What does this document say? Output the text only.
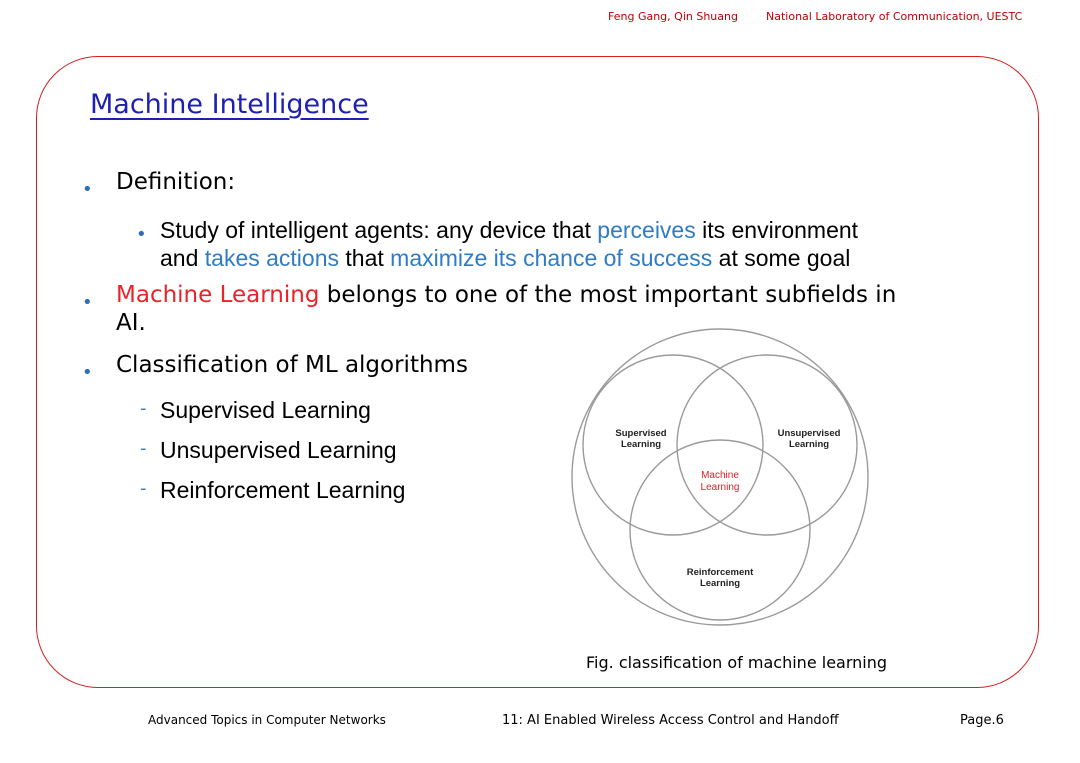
Feng Gang, Qin Shuang	National Laboratory of Communication, UESTC
Machine Intelligence
• Definition:
• Study of intelligent agents: any device that perceives its environment
and takes actions that maximize its chance of success at some goal
• Machine Learning belongs to one of the most important subfields in
AI.
• Classification of ML algorithms
- Supervised Learning
- Unsupervised Learning
- Reinforcement Learning
Supervised
Learning
Unsupervised
Learning
Reinforcement
Learning
Machine
Learning
Fig. classification of machine learning
Advanced Topics in Computer Networks	11: AI Enabled Wireless Access Control and Handoff	Page.6
